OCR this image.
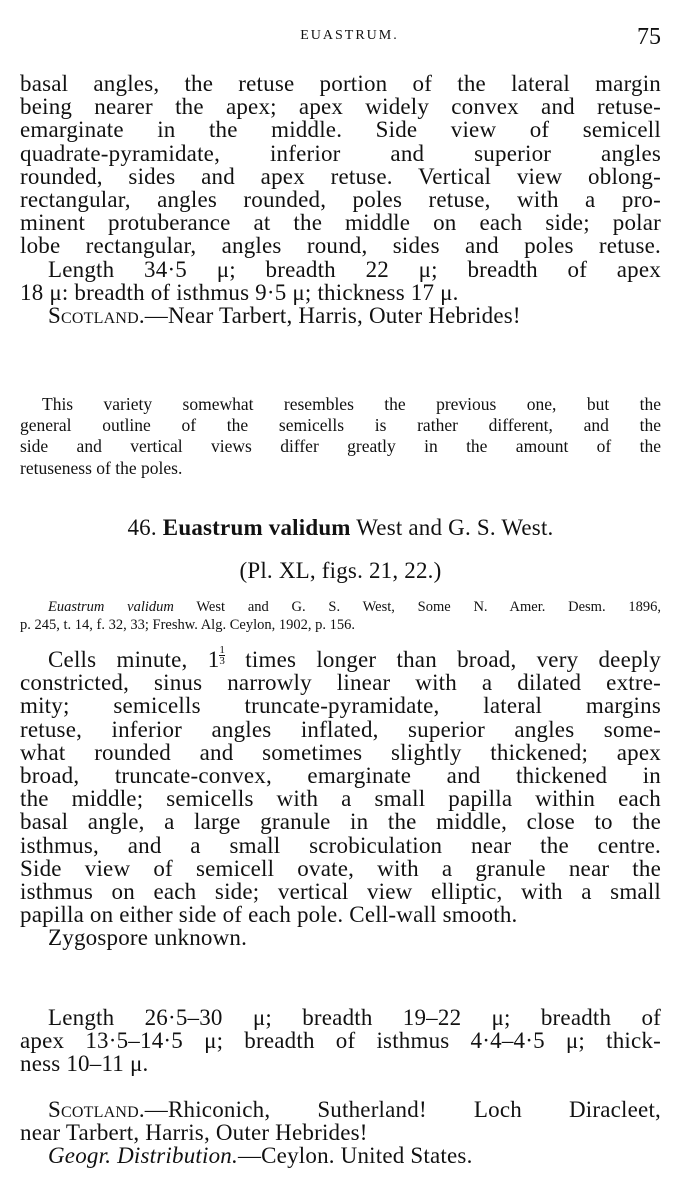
EUASTRUM.	75
basal angles, the retuse portion of the lateral margin
being nearer the apex; apex widely convex and retuse-
emarginate in the middle. Side view of semicell
quadrate-pyramidate, inferior and superior angles
rounded, sides and apex retuse. Vertical view oblong-
rectangular, angles rounded, poles retuse, with a pro-
minent protuberance at the middle on each side; polar
lobe rectangular, angles round, sides and poles retuse.
Length 34·5 μ; breadth 22 μ; breadth of apex
18 μ: breadth of isthmus 9·5 μ; thickness 17 μ.
Scotland.—Near Tarbert, Harris, Outer Hebrides!
This variety somewhat resembles the previous one, but the
general outline of the semicells is rather different, and the
side and vertical views differ greatly in the amount of the
retuseness of the poles.
46. Euastrum validum West and G. S. West.
(Pl. XL, figs. 21, 22.)
Euastrum validum West and G. S. West, Some N. Amer. Desm. 1896,
p. 245, t. 14, f. 32, 33; Freshw. Alg. Ceylon, 1902, p. 156.
Cells minute, $1 \frac{1}{3}$ times longer than broad, very deeply
constricted, sinus narrowly linear with a dilated extre-
mity; semicells truncate-pyramidate, lateral margins
retuse, inferior angles inflated, superior angles some-
what rounded and sometimes slightly thickened; apex
broad, truncate-convex, emarginate and thickened in
the middle; semicells with a small papilla within each
basal angle, a large granule in the middle, close to the
isthmus, and a small scrobiculation near the centre.
Side view of semicell ovate, with a granule near the
isthmus on each side; vertical view elliptic, with a small
papilla on either side of each pole. Cell-wall smooth.
Zygospore unknown.
Length 26·5–30 μ; breadth 19–22 μ; breadth of
apex 13·5–14·5 μ; breadth of isthmus 4·4–4·5 μ; thick-
ness 10–11 μ.
Scotland.—Rhiconich, Sutherland! Loch Diracleet,
near Tarbert, Harris, Outer Hebrides!
Geogr. Distribution.—Ceylon. United States.
